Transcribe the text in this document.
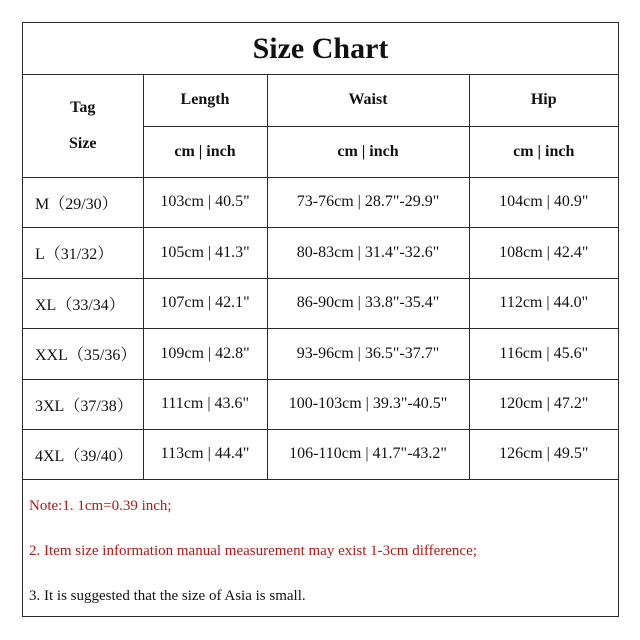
Size Chart
Tag
Size	Length	Waist	Hip
	cm | inch	cm | inch	cm | inch
M（29/30）	103cm | 40.5"	73-76cm | 28.7"-29.9"	104cm | 40.9"
L（31/32）	105cm | 41.3"	80-83cm | 31.4"-32.6"	108cm | 42.4"
XL（33/34）	107cm | 42.1"	86-90cm | 33.8"-35.4"	112cm | 44.0"
XXL（35/36）	109cm | 42.8"	93-96cm | 36.5"-37.7"	116cm | 45.6"
3XL（37/38）	111cm | 43.6"	100-103cm | 39.3"-40.5"	120cm | 47.2"
4XL（39/40）	113cm | 44.4"	106-110cm | 41.7"-43.2"	126cm | 49.5"
Note:1. 1cm=0.39 inch;
2. Item size information manual measurement may exist 1-3cm difference;
3. It is suggested that the size of Asia is small.
